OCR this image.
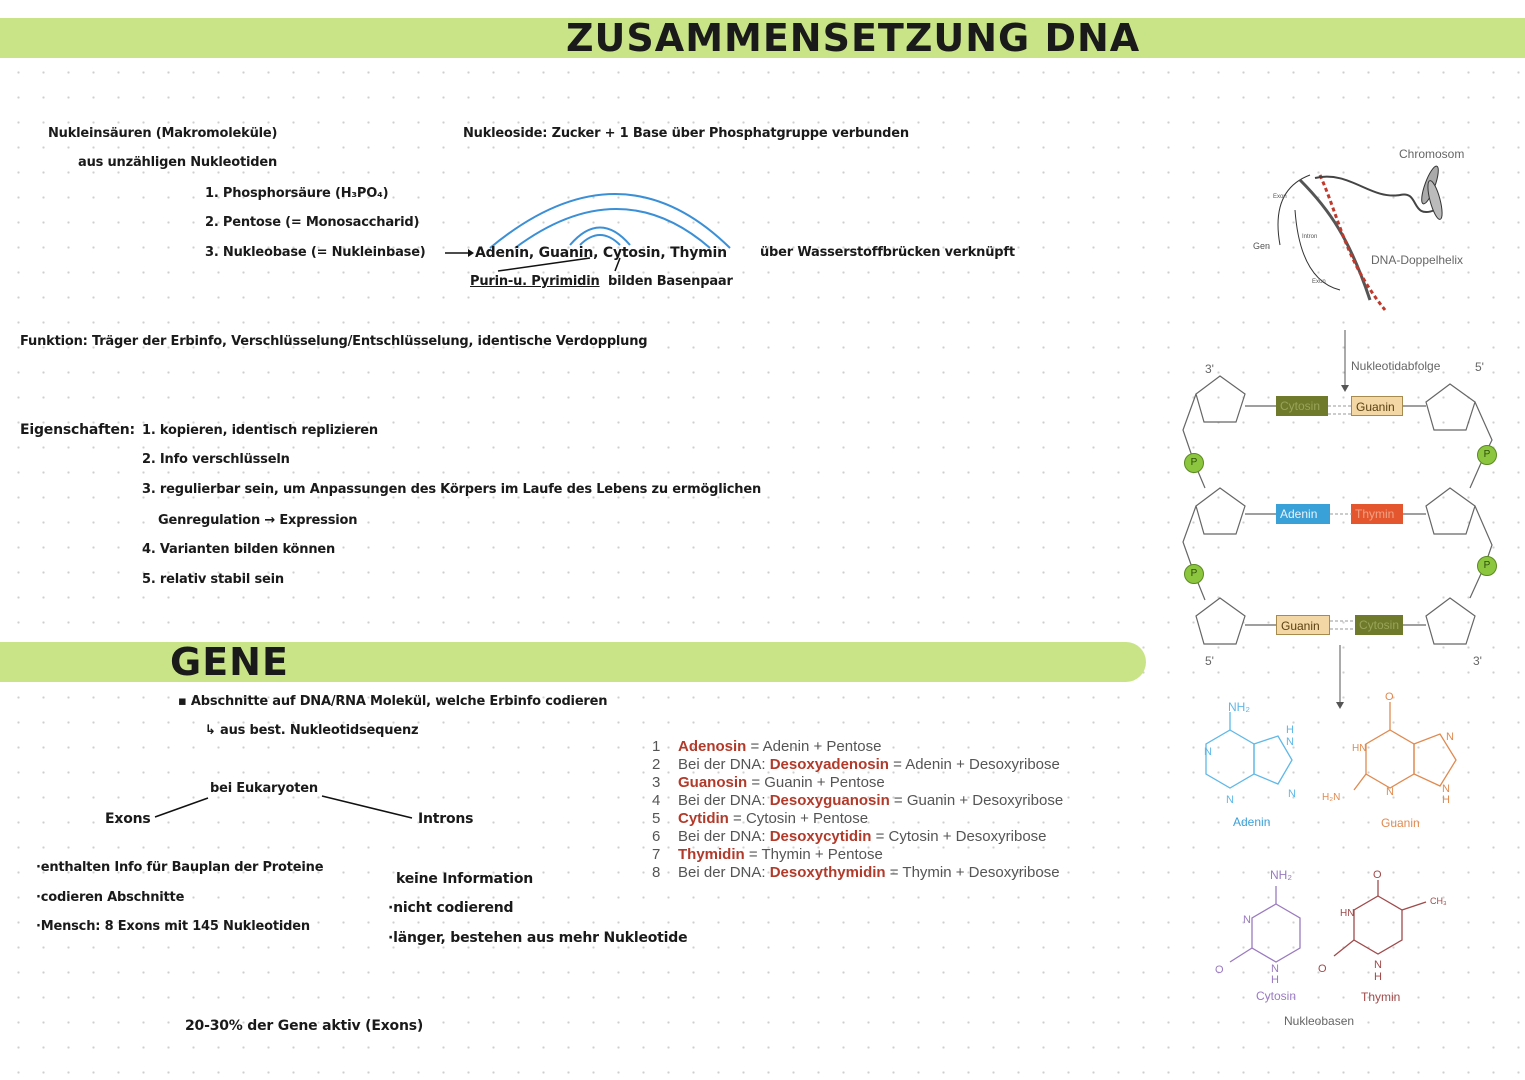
ZUSAMMENSETZUNG DNA
Nukleinsäuren (Makromoleküle)
aus unzähligen Nukleotiden
1. Phosphorsäure (H₃PO₄)
2. Pentose (= Monosaccharid)
3. Nukleobase (= Nukleinbase)
Nukleoside: Zucker + 1 Base über Phosphatgruppe verbunden
Adenin, Guanin, Cytosin, Thymin	über Wasserstoffbrücken verknüpft
Purin-u. Pyrimidin bilden Basenpaar
Funktion: Träger der Erbinfo, Verschlüsselung/Entschlüsselung, identische Verdopplung
Eigenschaften: 1. kopieren, identisch replizieren
2. Info verschlüsseln
3. regulierbar sein, um Anpassungen des Körpers im Laufe des Lebens zu ermöglichen
Genregulation → Expression
4. Varianten bilden können
5. relativ stabil sein
GENE
▪ Abschnitte auf DNA/RNA Molekül, welche Erbinfo codieren
↳ aus best. Nukleotidsequenz
bei Eukaryoten
Exons	Introns
·enthalten Info für Bauplan der Proteine
·codieren Abschnitte
·Mensch: 8 Exons mit 145 Nukleotiden
keine Information
·nicht codierend
·länger, bestehen aus mehr Nukleotide
20-30% der Gene aktiv (Exons)
1 Adenosin = Adenin + Pentose
2 Bei der DNA: Desoxyadenosin = Adenin + Desoxyribose
3 Guanosin = Guanin + Pentose
4 Bei der DNA: Desoxyguanosin = Guanin + Desoxyribose
5 Cytidin = Cytosin + Pentose
6 Bei der DNA: Desoxycytidin = Cytosin + Desoxyribose
7 Thymidin = Thymin + Pentose
8 Bei der DNA: Desoxythymidin = Thymin + Desoxyribose
Exon
Intron
Exon
Gen
Chromosom
DNA-Doppelhelix
Nukleotidabfolge
3'	5'
5'	3'
P
P
P
P
Cytosin	Guanin
Adenin	Thymin
Guanin	Cytosin
NH₂
N
N
N
H
N
O
HN
H₂N	N
N
N
H
NH₂
N
N
H
O
O
CH₃
HN
N
H
O
Adenin	Guanin
Cytosin	Thymin
Nukleobasen
